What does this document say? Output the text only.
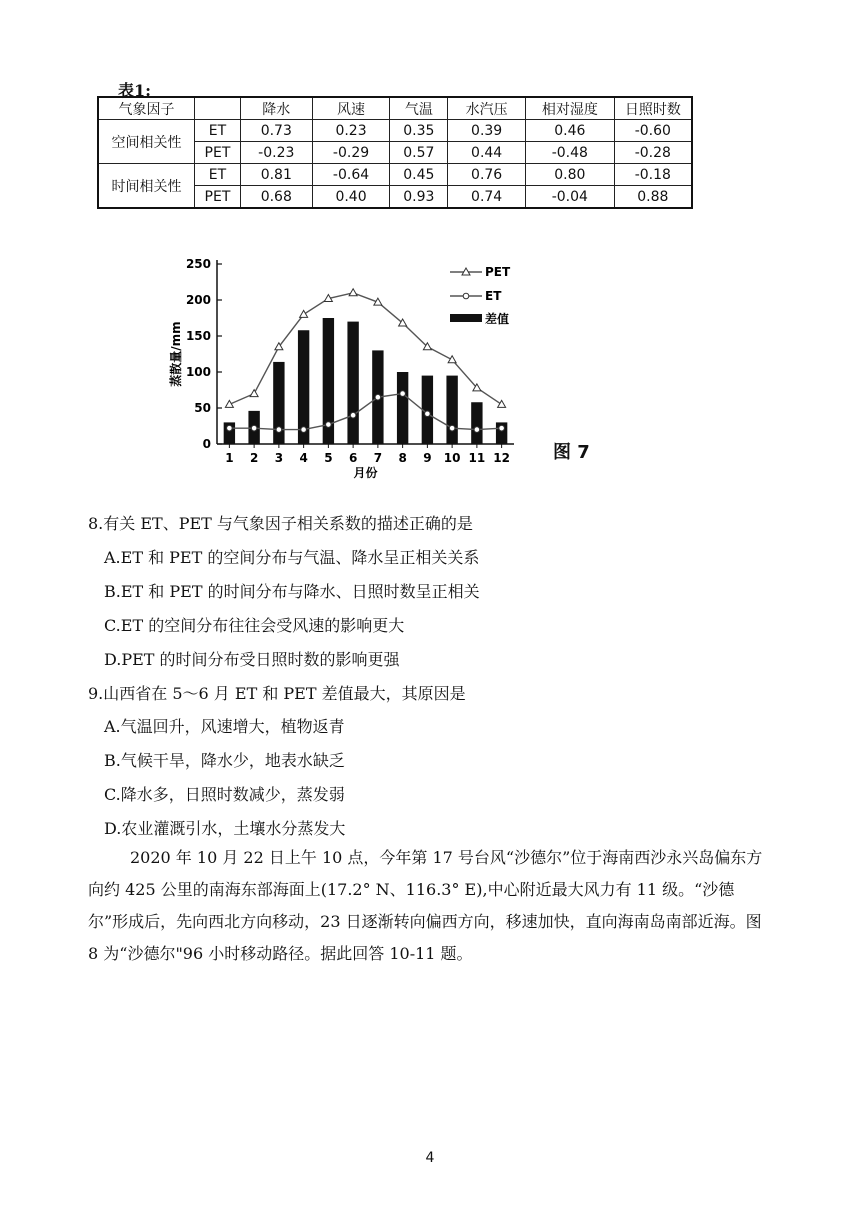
表1:
气象因子		降水	风速	气温	水汽压	相对湿度	日照时数
空间相关性	ET	0.73	0.23	0.35	0.39	0.46	-0.60
	PET	-0.23	-0.29	0.57	0.44	-0.48	-0.28
时间相关性	ET	0.81	-0.64	0.45	0.76	0.80	-0.18
	PET	0.68	0.40	0.93	0.74	-0.04	0.88
0
50
100
150
200
250
1 2 3 4 5 6 7 8 9 10 11 12
月份
蒸散量/mm
PET
ET
差值
图 7
8.有关 ET、PET 与气象因子相关系数的描述正确的是
A.ET 和 PET 的空间分布与气温、降水呈正相关关系
B.ET 和 PET 的时间分布与降水、日照时数呈正相关
C.ET 的空间分布往往会受风速的影响更大
D.PET 的时间分布受日照时数的影响更强
9.山西省在 5～6 月 ET 和 PET 差值最大，其原因是
A.气温回升，风速增大，植物返青
B.气候干旱，降水少，地表水缺乏
C.降水多，日照时数减少，蒸发弱
D.农业灌溉引水，土壤水分蒸发大
2020 年 10 月 22 日上午 10 点，今年第 17 号台风“沙德尔”位于海南西沙永兴岛偏东方向约 425 公里的南海东部海面上(17.2° N、116.3° E),中心附近最大风力有 11 级。“沙德尔”形成后，先向西北方向移动，23 日逐渐转向偏西方向，移速加快，直向海南岛南部近海。图 8 为“沙德尔"96 小时移动路径。据此回答 10-11 题。
4
